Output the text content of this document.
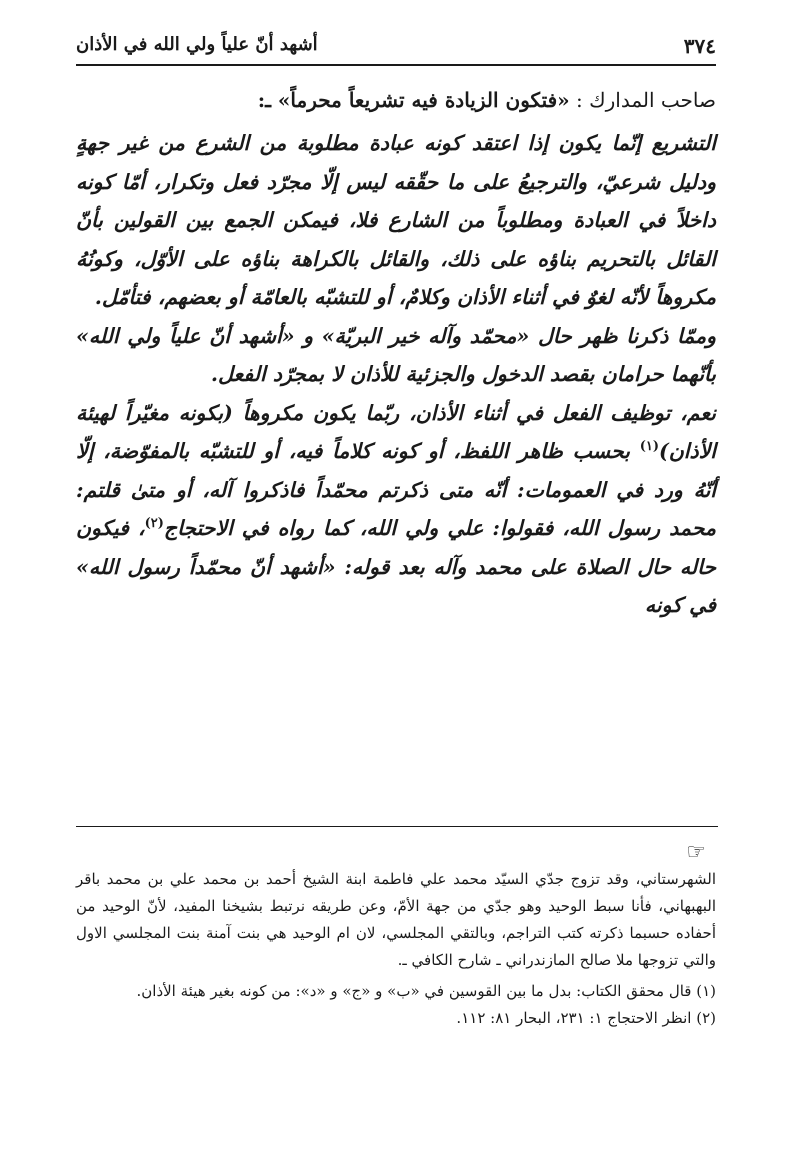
٣٧٤
أشهد أنّ علياً ولي الله في الأذان
صاحب المدارك : «فتكون الزيادة فيه تشريعاً محرماً» ـ:

التشريع إنّما يكون إذا اعتقد كونه عبادة مطلوبة من الشرع من غير جهةٍ ودليل شرعيّ، والترجيعُ على ما حقّقه ليس إلّا مجرّد فعل وتكرار، أمّا كونه داخلاً في العبادة ومطلوباً من الشارع فلا، فيمكن الجمع بين القولين بأنّ القائل بالتحريم بناؤه على ذلك، والقائل بالكراهة بناؤه على الأوّل، وكونُهُ مكروهاً لأنّه لغوٌ في أثناء الأذان وكلامٌ، أو للتشبّه بالعامّة أو بعضهم، فتأمّل.

وممّا ذكرنا ظهر حال «محمّد وآله خير البريّة» و «أشهد أنّ علياً ولي الله» بأنّهما حرامان بقصد الدخول والجزئية للأذان لا بمجرّد الفعل.

نعم، توظيف الفعل في أثناء الأذان، ربّما يكون مكروهاً (بكونه مغيّراً لهيئة الأذان)$^{(١)}$ بحسب ظاهر اللفظ، أو كونه كلاماً فيه، أو للتشبّه بالمفوّضة، إلّا أنّهُ ورد في العمومات: أنّه متى ذكرتم محمّداً فاذكروا آله، أو متىٰ قلتم: محمد رسول الله، فقولوا: علي ولي الله، كما رواه في الاحتجاج$^{(٢)}$، فيكون حاله حال الصلاة على محمد وآله بعد قوله: «أشهد أنّ محمّداً رسول الله» في كونه

☞

الشهرستاني، وقد تزوج جدّي السيّد محمد علي فاطمة ابنة الشيخ أحمد بن محمد علي بن محمد باقر البهبهاني، فأنا سبط الوحيد وهو جدّي من جهة الأمّ، وعن طريقه نرتبط بشيخنا المفيد، لأنّ الوحيد من أحفاده حسبما ذكرته كتب التراجم، وبالتقي المجلسي، لان ام الوحيد هي بنت آمنة بنت المجلسي الاول والتي تزوجها ملا صالح المازندراني ـ شارح الكافي ـ.

(١) قال محقق الكتاب: بدل ما بين القوسين في «ب» و «ج» و «د»: من كونه بغير هيئة الأذان.

(٢) انظر الاحتجاج ١: ٢٣١، البحار ٨١: ١١٢.
